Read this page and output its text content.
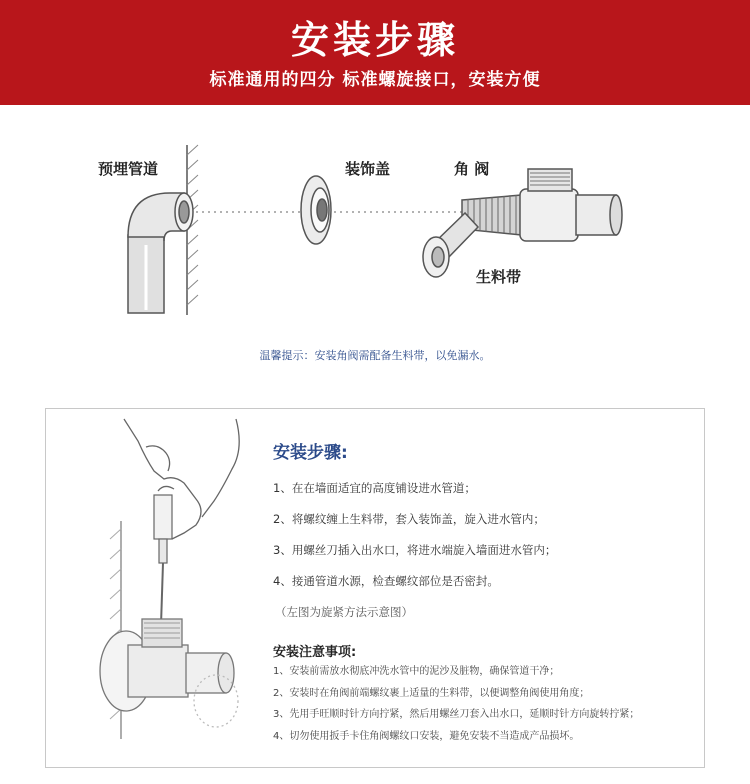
安装步骤
标准通用的四分 标准螺旋接口，安装方便
预埋管道	装饰盖	角 阀
生料带
温馨提示：安装角阀需配备生料带，以免漏水。
安装步骤:
1、在在墙面适宜的高度铺设进水管道；
2、将螺纹缠上生料带，套入装饰盖，旋入进水管内；
3、用螺丝刀插入出水口，将进水端旋入墙面进水管内；
4、接通管道水源，检查螺纹部位是否密封。
（左图为旋紧方法示意图）
安装注意事项:
1、安装前需放水彻底冲洗水管中的泥沙及脏物，确保管道干净；
2、安装时在角阀前端螺纹裹上适量的生料带，以便调整角阀使用角度；
3、先用手旺顺时针方向拧紧，然后用螺丝刀套入出水口，延顺时针方向旋转拧紧；
4、切勿使用扳手卡住角阀螺纹口安装，避免安装不当造成产品损坏。
